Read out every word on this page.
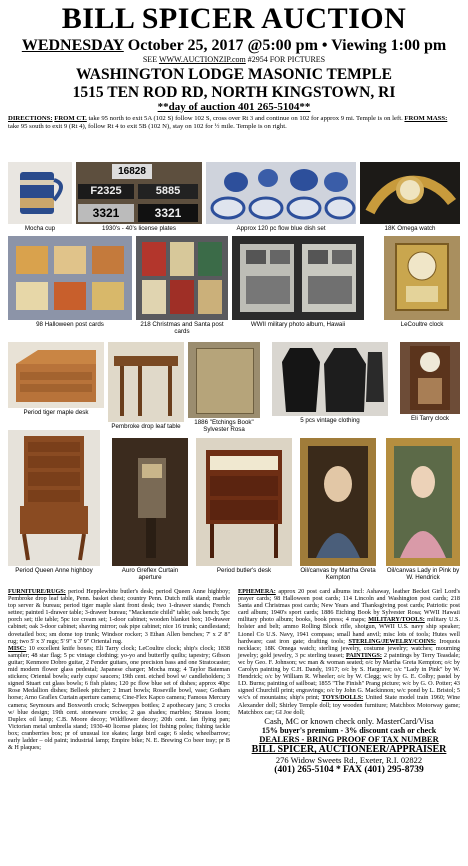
BILL SPICER AUCTION
WEDNESDAY October 25, 2017 @5:00 pm • Viewing 1:00 pm
SEE WWW.AUCTIONZIP.com #2954 FOR PICTURES
WASHINGTON LODGE MASONIC TEMPLE
1515 TEN ROD RD, NORTH KINGSTOWN, RI
**day of auction 401 265-5104**
DIRECTIONS: FROM CT. take 95 north to exit 5A (102 S) follow 102 S, cross over Rt 3 and continue on 102 for approx 9 mi. Temple is on left. FROM MASS: take 95 south to exit 9 (Rt 4), follow Rt 4 to exit 5B (102 N), stay on 102 for ½ mile. Temple is on right.
Mocha cup
16828
F2325	5885
3321	3321
1930's - 40's license plates	Approx 120 pc flow blue dish set	18K Omega watch
98 Halloween post cards	218 Christmas and Santa post cards
WWII military photo album, Hawaii	LeCoultre clock
Period tiger maple desk
Pembroke drop leaf table
1886 "Etchings Book" Sylvester Rosa
5 pcs vintage clothing	Eli Tarry clock
Period Queen Anne highboy	Auro Greflex Curtain aperture
Period butler's desk	Oil/canvas by Martha Greta Kempton
Oil/canvas Lady in Pink by W. Hendrick
FURNITURE/RUGS: period Hepplewhite butler's desk; period Queen Anne highboy; Pembroke drop leaf table, Penn. basket chest; country Penn. Dutch milk stand; marble top server & bureau; period tiger maple slant front desk; two 1-drawer stands; French settee; painted 1-drawer table; 3-drawer bureau; "Mackenzie child" table; oak bench; 5pc porch set; tile table; 5pc ice cream set; 1-door cabinet; wooden blanket box; 10-drawer cabinet; oak 3-door cabinet; shaving mirror; oak pipe cabinet; nice 16 trunk; candlestand; dovetailed box; sm dome top trunk; Windsor rocker; 3 Ethan Allen benches; 7' x 2' 8" rug; two 5' x 3' rugs; 5' 9" x 3' 9" Oriental rug.
MISC: 10 excellent knife boxes; Eli Tarry clock; LeCoultre clock; ship's clock; 1838 sampler; 48 star flag; 5 pc vintage clothing; yo-yo and butterfly quilts; tapestry; Gibson guitar; Kenmore Dobro guitar, 2 Fender guitars, one precision bass and one Stratocaster; mid modern flower glass pedestal; Japanese charger; Mocha mug; 4 Taylor Bateman stickers; Oriental bowls; early cups/ saucers; 19th cent. etched bowl w/ candleholders; 3 signed Stuart cut glass bowls; 6 fish plates; 120 pc flow blue set of dishes; approx 40pc Rose Medallion dishes; Belleek pitcher; 2 Imari bowls; Roseville bowl, vase; Gotham horse; Arno Graflex Curtain aperture camera; Cine-Flex Kapco camera; Famous Mercury camera; Seymours and Boxworth crock; Schweppes bottles; 2 apothecary jars; 3 crocks w/ blue design; 19th cent. stoneware crocks; 2 gas shades; marbles; Strauss loom; Duplex oil lamp; C.B. Moore decoy; Wildflower decoy; 20th cent. fan flying pan; Victorian metal umbrella stand; 1930-40 license plates; lot fishing poles; fishing tackle box; cranberries box; pr of unusual ice skates; large bird cage; 6 sleds; wheelbarrow; early ladder – old paint; industrial lamp; Empire bike; N. E. Brewing Co beer tray; pr B & H plaques;
EPHEMERA: approx 20 post card albums incl: Ashaway, leather Becket Girl Lord's prayer cards; 98 Halloween post cards; 114 Lincoln and Washington post cards; 218 Santa and Christmas post cards; New Years and Thanksgiving post cards; Patriotic post card album; 1940's sport cards; 1886 Etching Book by Sylvester Rosa; WWII Hawaii military photo album; books, book press; 4 maps; MILITARY/TOOLS: military U.S. holster and belt; ammo Rolling Block rifle, shotgun, WWII U.S. navy ship speaker; Lionel Co U.S. Navy, 1941 compass; small hand anvil; misc lots of tools; Hutes well hardware; cast iron gate; drafting tools; STERLING/JEWELRY/COINS: Iroquois necklace; 18K Omega watch; sterling jewelry, costume jewelry; watches; mourning jewelry; gold jewelry, 3 pc sterling teaset; PAINTINGS: 2 paintings by Terry Teasdale; wc by Geo. F. Johnson; wc man & woman seated; o/c by Martha Greta Kempton; o/c by Carolyn painting by C.H. Dandy, 1917; o/c by S. Hargrave; o/c "Lady in Pink" by W. Hendrick; o/c by William R. Wheeler; o/c by W. Clegg; w/c by G. E. Colby; pastel by I.D. Burns; painting of sailboat; 1855 "The Finish" Prang picture; w/c by G. O. Potter; 43 signed Churchill print; engravings; o/c by John G. Mackinnon; w/c pond by L. Bristol; 5 w/c's of mountains; ship's print; TOYS/DOLLS: United State model train 1960; Wine Alexander doll; Shirley Temple doll; toy wooden furniture; Matchbox Motorway game; Matchbox car; GI Joe doll;
Cash, MC or known check only. MasterCard/Visa
15% buyer's premium - 3% discount cash or check
DEALERS - BRING PROOF OF TAX NUMBER
BILL SPICER, AUCTIONEER/APPRAISER
276 Widow Sweets Rd., Exeter, R.I. 02822
(401) 265-5104 * FAX (401) 295-8739
